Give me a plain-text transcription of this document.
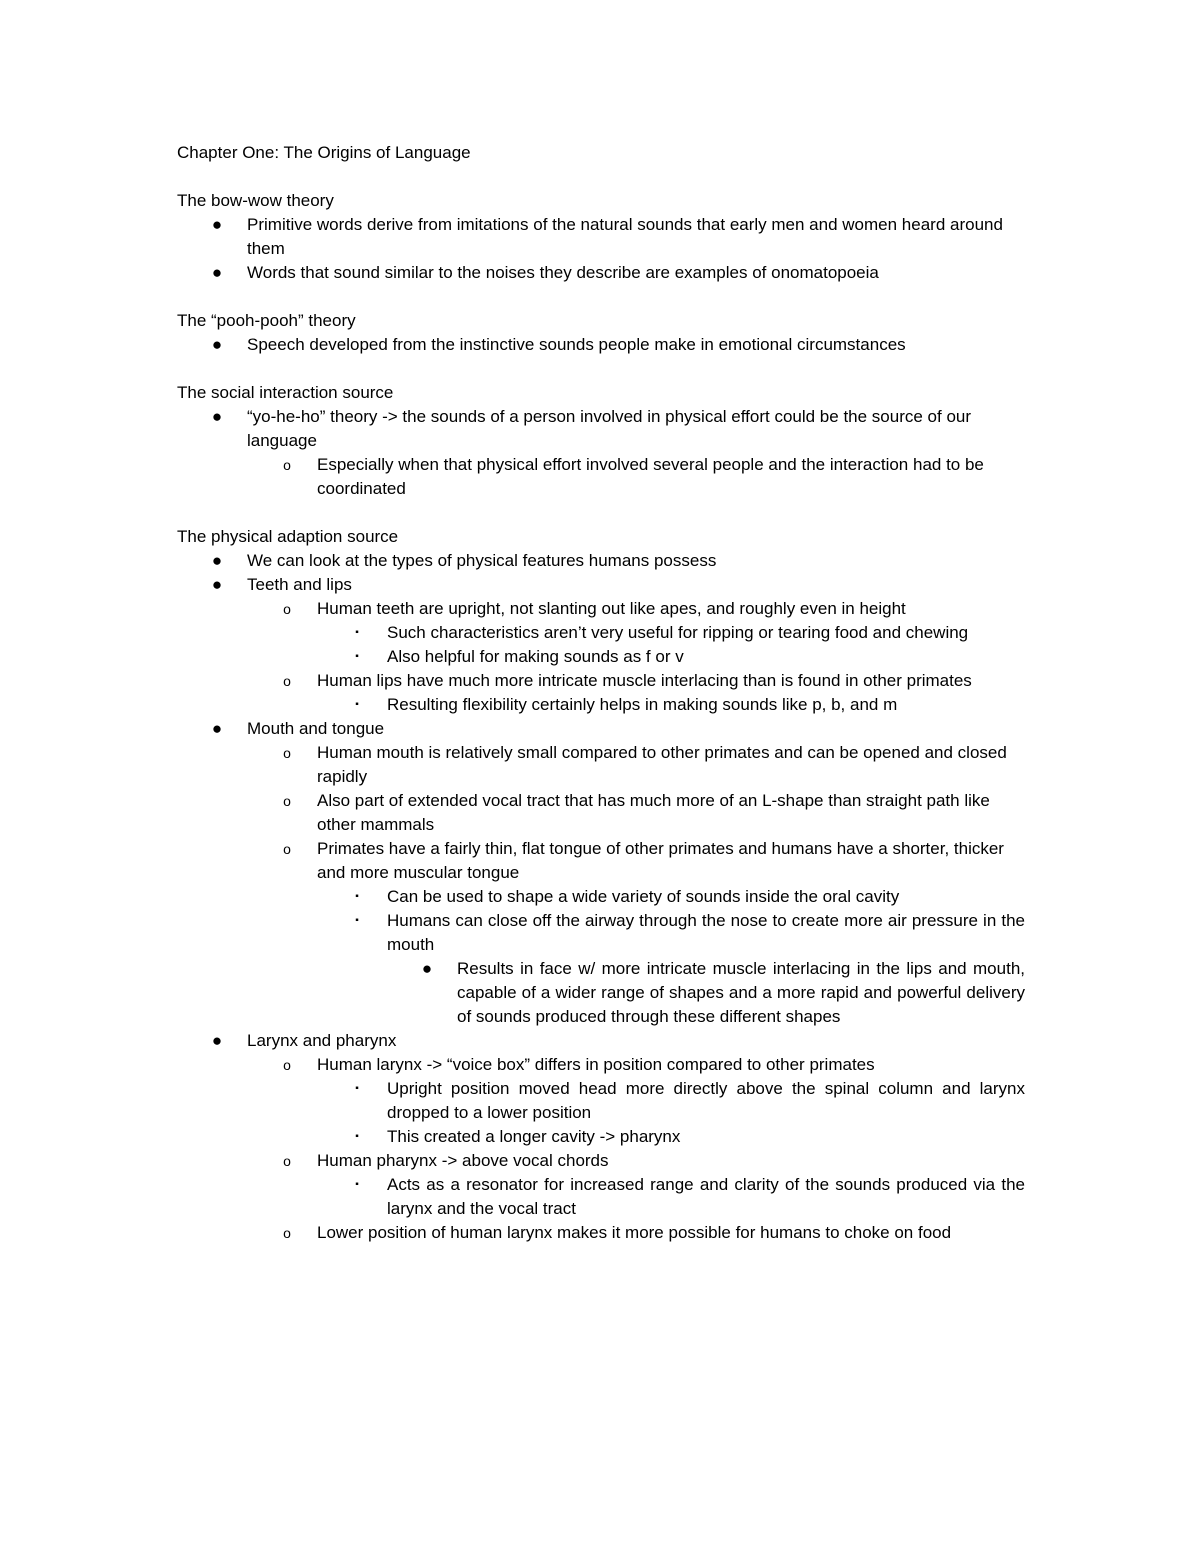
Chapter One: The Origins of Language
The bow-wow theory
● Primitive words derive from imitations of the natural sounds that early men and women heard around them
● Words that sound similar to the noises they describe are examples of onomatopoeia
The “pooh-pooh” theory
● Speech developed from the instinctive sounds people make in emotional circumstances
The social interaction source
● “yo-he-ho” theory -> the sounds of a person involved in physical effort could be the source of our language
o	Especially when that physical effort involved several people and the interaction had to be coordinated
The physical adaption source
● We can look at the types of physical features humans possess
● Teeth and lips
o	Human teeth are upright, not slanting out like apes, and roughly even in height
▪	Such characteristics aren’t very useful for ripping or tearing food and chewing
▪	Also helpful for making sounds as f or v
o	Human lips have much more intricate muscle interlacing than is found in other primates
▪	Resulting flexibility certainly helps in making sounds like p, b, and m
● Mouth and tongue
o	Human mouth is relatively small compared to other primates and can be opened and closed rapidly
o	Also part of extended vocal tract that has much more of an L-shape than straight path like other mammals
o	Primates have a fairly thin, flat tongue of other primates and humans have a shorter, thicker and more muscular tongue
▪	Can be used to shape a wide variety of sounds inside the oral cavity
▪	Humans can close off the airway through the nose to create more air pressure in the mouth
● Results in face w/ more intricate muscle interlacing in the lips and mouth, capable of a wider range of shapes and a more rapid and powerful delivery of sounds produced through these different shapes
● Larynx and pharynx
o	Human larynx -> “voice box” differs in position compared to other primates
▪	Upright position moved head more directly above the spinal column and larynx dropped to a lower position
▪	This created a longer cavity -> pharynx
o	Human pharynx -> above vocal chords
▪	Acts as a resonator for increased range and clarity of the sounds produced via the larynx and the vocal tract
o	Lower position of human larynx makes it more possible for humans to choke on food
